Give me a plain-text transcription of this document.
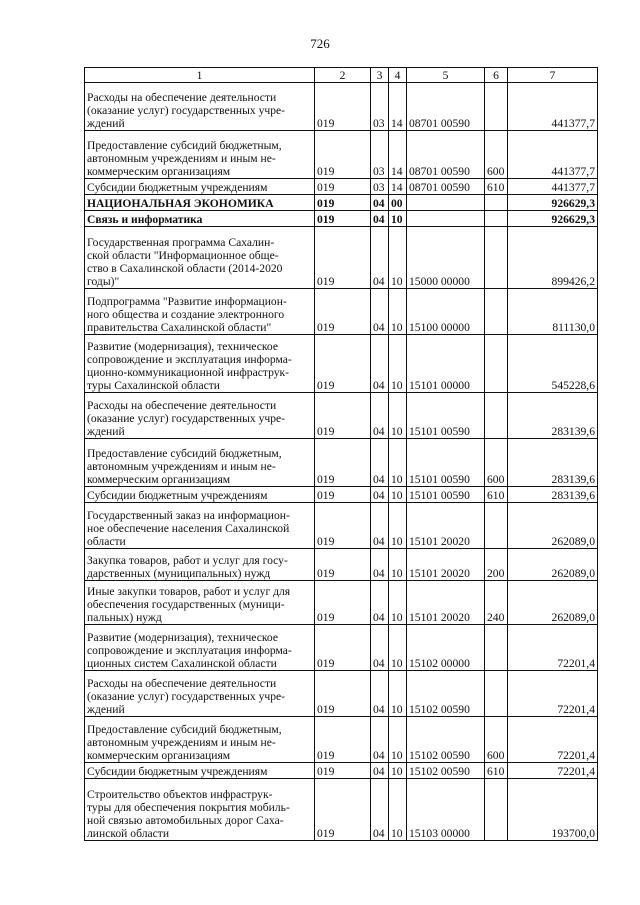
726
1	2	3	4	5	6	7
Расходы на обеспечение деятельности
(оказание услуг) государственных учре-
ждений	019	03	14	08701 00590		441377,7
Предоставление субсидий бюджетным,
автономным учреждениям и иным не-
коммерческим организациям	019	03	14	08701 00590	600	441377,7
Субсидии бюджетным учреждениям	019	03	14	08701 00590	610	441377,7
НАЦИОНАЛЬНАЯ ЭКОНОМИКА	019	04	00			926629,3
Связь и информатика	019	04	10			926629,3
Государственная программа Сахалин-
ской области "Информационное обще-
ство в Сахалинской области (2014-2020
годы)"	019	04	10	15000 00000		899426,2
Подпрограмма "Развитие информацион-
ного общества и создание электронного
правительства Сахалинской области"	019	04	10	15100 00000		811130,0
Развитие (модернизация), техническое
сопровождение и эксплуатация информа-
ционно-коммуникационной инфраструк-
туры Сахалинской области	019	04	10	15101 00000		545228,6
Расходы на обеспечение деятельности
(оказание услуг) государственных учре-
ждений	019	04	10	15101 00590		283139,6
Предоставление субсидий бюджетным,
автономным учреждениям и иным не-
коммерческим организациям	019	04	10	15101 00590	600	283139,6
Субсидии бюджетным учреждениям	019	04	10	15101 00590	610	283139,6
Государственный заказ на информацион-
ное обеспечение населения Сахалинской
области	019	04	10	15101 20020		262089,0
Закупка товаров, работ и услуг для госу-
дарственных (муниципальных) нужд	019	04	10	15101 20020	200	262089,0
Иные закупки товаров, работ и услуг для
обеспечения государственных (муници-
пальных) нужд	019	04	10	15101 20020	240	262089,0
Развитие (модернизация), техническое
сопровождение и эксплуатация информа-
ционных систем Сахалинской области	019	04	10	15102 00000		72201,4
Расходы на обеспечение деятельности
(оказание услуг) государственных учре-
ждений	019	04	10	15102 00590		72201,4
Предоставление субсидий бюджетным,
автономным учреждениям и иным не-
коммерческим организациям	019	04	10	15102 00590	600	72201,4
Субсидии бюджетным учреждениям	019	04	10	15102 00590	610	72201,4
Строительство объектов инфраструк-
туры для обеспечения покрытия мобиль-
ной связью автомобильных дорог Саха-
линской области	019	04	10	15103 00000		193700,0
